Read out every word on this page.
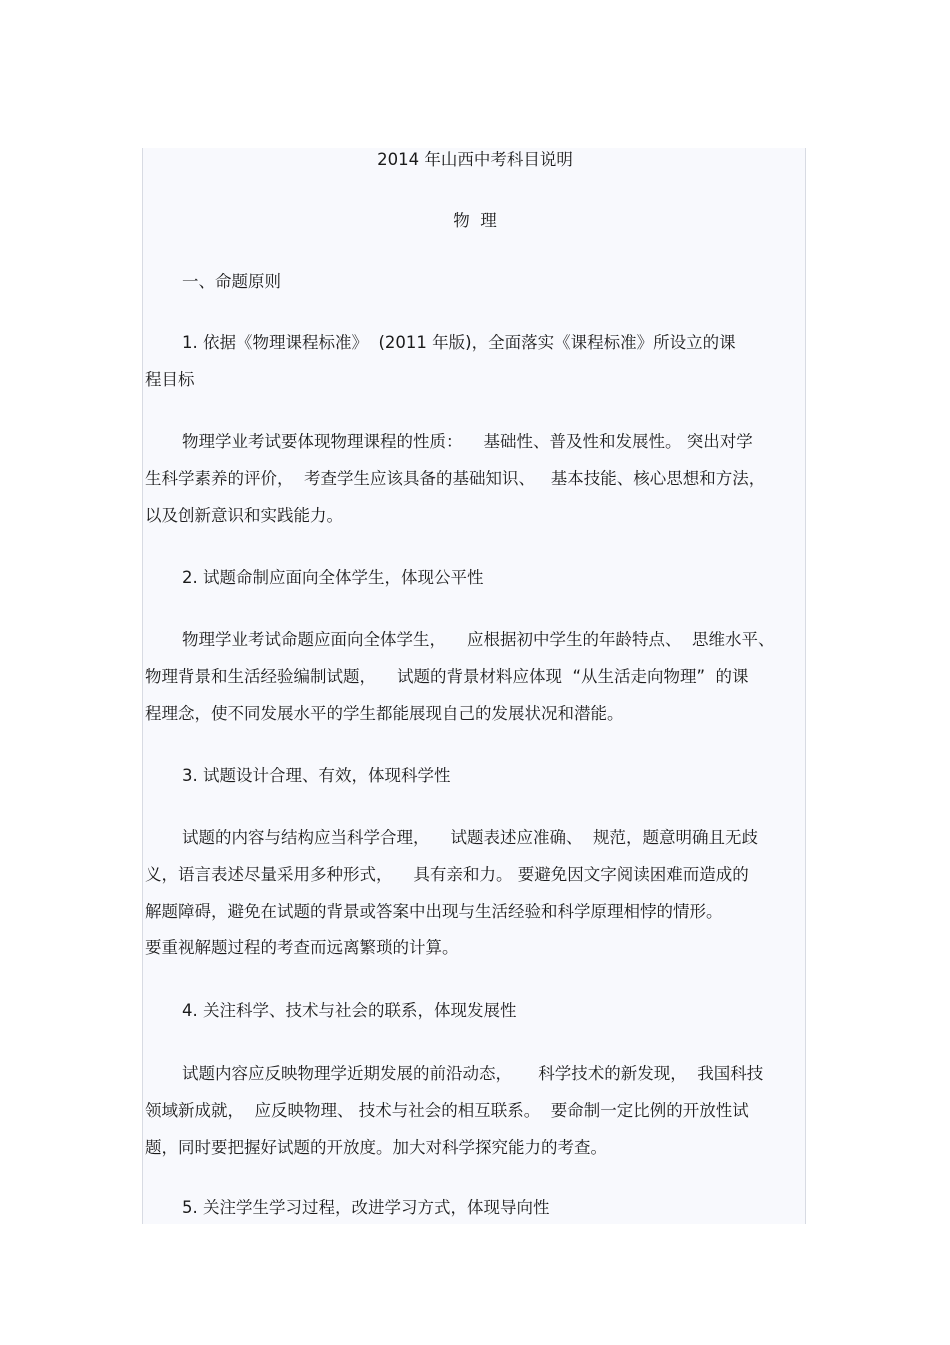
2014 年山西中考科目说明
物  理
一、命题原则
1. 依据《物理课程标准》  (2011 年版)，全面落实《课程标准》所设立的课
程目标
物理学业考试要体现物理课程的性质：    基础性、普及性和发展性。 突出对学
生科学素养的评价，  考查学生应该具备的基础知识、   基本技能、核心思想和方法，
以及创新意识和实践能力。
2. 试题命制应面向全体学生，体现公平性
物理学业考试命题应面向全体学生，    应根据初中学生的年龄特点、  思维水平、
物理背景和生活经验编制试题，    试题的背景材料应体现  “从生活走向物理”  的课
程理念，使不同发展水平的学生都能展现自己的发展状况和潜能。
3. 试题设计合理、有效，体现科学性
试题的内容与结构应当科学合理，    试题表述应准确、  规范，题意明确且无歧
义，语言表述尽量采用多种形式，    具有亲和力。 要避免因文字阅读困难而造成的
解题障碍，避免在试题的背景或答案中出现与生活经验和科学原理相悖的情形。
要重视解题过程的考查而远离繁琐的计算。
4. 关注科学、技术与社会的联系，体现发展性
试题内容应反映物理学近期发展的前沿动态，     科学技术的新发现，  我国科技
领域新成就，  应反映物理、 技术与社会的相互联系。  要命制一定比例的开放性试
题，同时要把握好试题的开放度。加大对科学探究能力的考查。
5. 关注学生学习过程，改进学习方式，体现导向性
